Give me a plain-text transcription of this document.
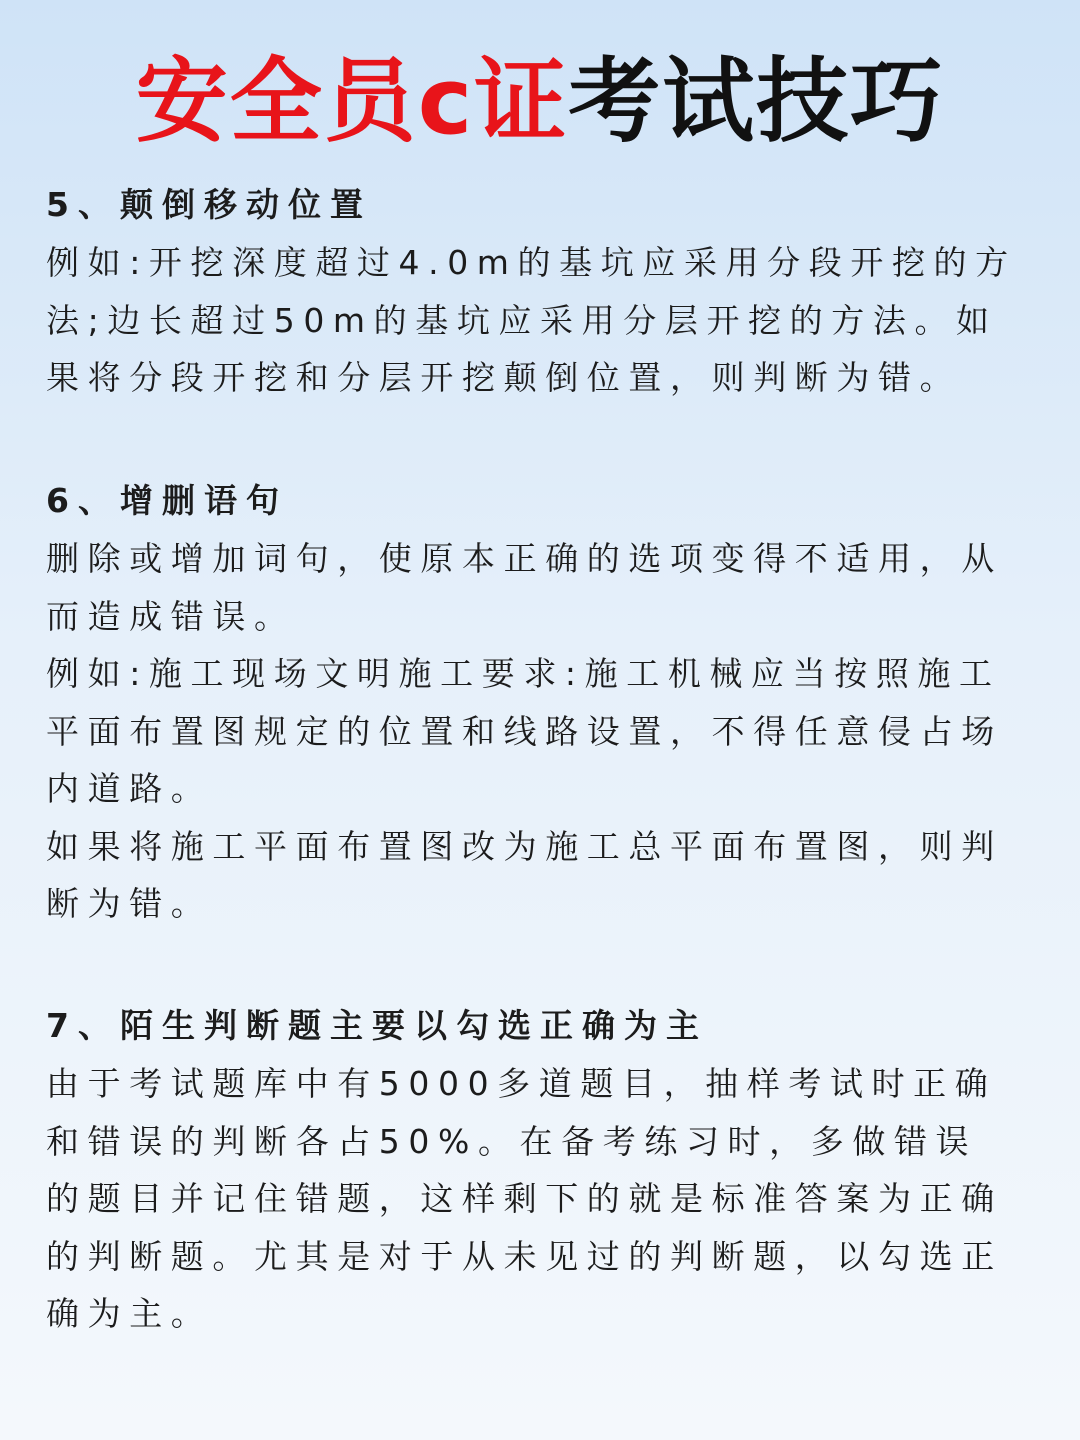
安全员c证考试技巧
5、颠倒移动位置
例如:开挖深度超过4.0m的基坑应采用分段开挖的方
法;边长超过50m的基坑应采用分层开挖的方法。如
果将分段开挖和分层开挖颠倒位置，则判断为错。
6、增删语句
删除或增加词句，使原本正确的选项变得不适用，从
而造成错误。
例如:施工现场文明施工要求:施工机械应当按照施工
平面布置图规定的位置和线路设置，不得任意侵占场
内道路。
如果将施工平面布置图改为施工总平面布置图，则判
断为错。
7、陌生判断题主要以勾选正确为主
由于考试题库中有5000多道题目，抽样考试时正确
和错误的判断各占50%。在备考练习时，多做错误
的题目并记住错题，这样剩下的就是标准答案为正确
的判断题。尤其是对于从未见过的判断题，以勾选正
确为主。
